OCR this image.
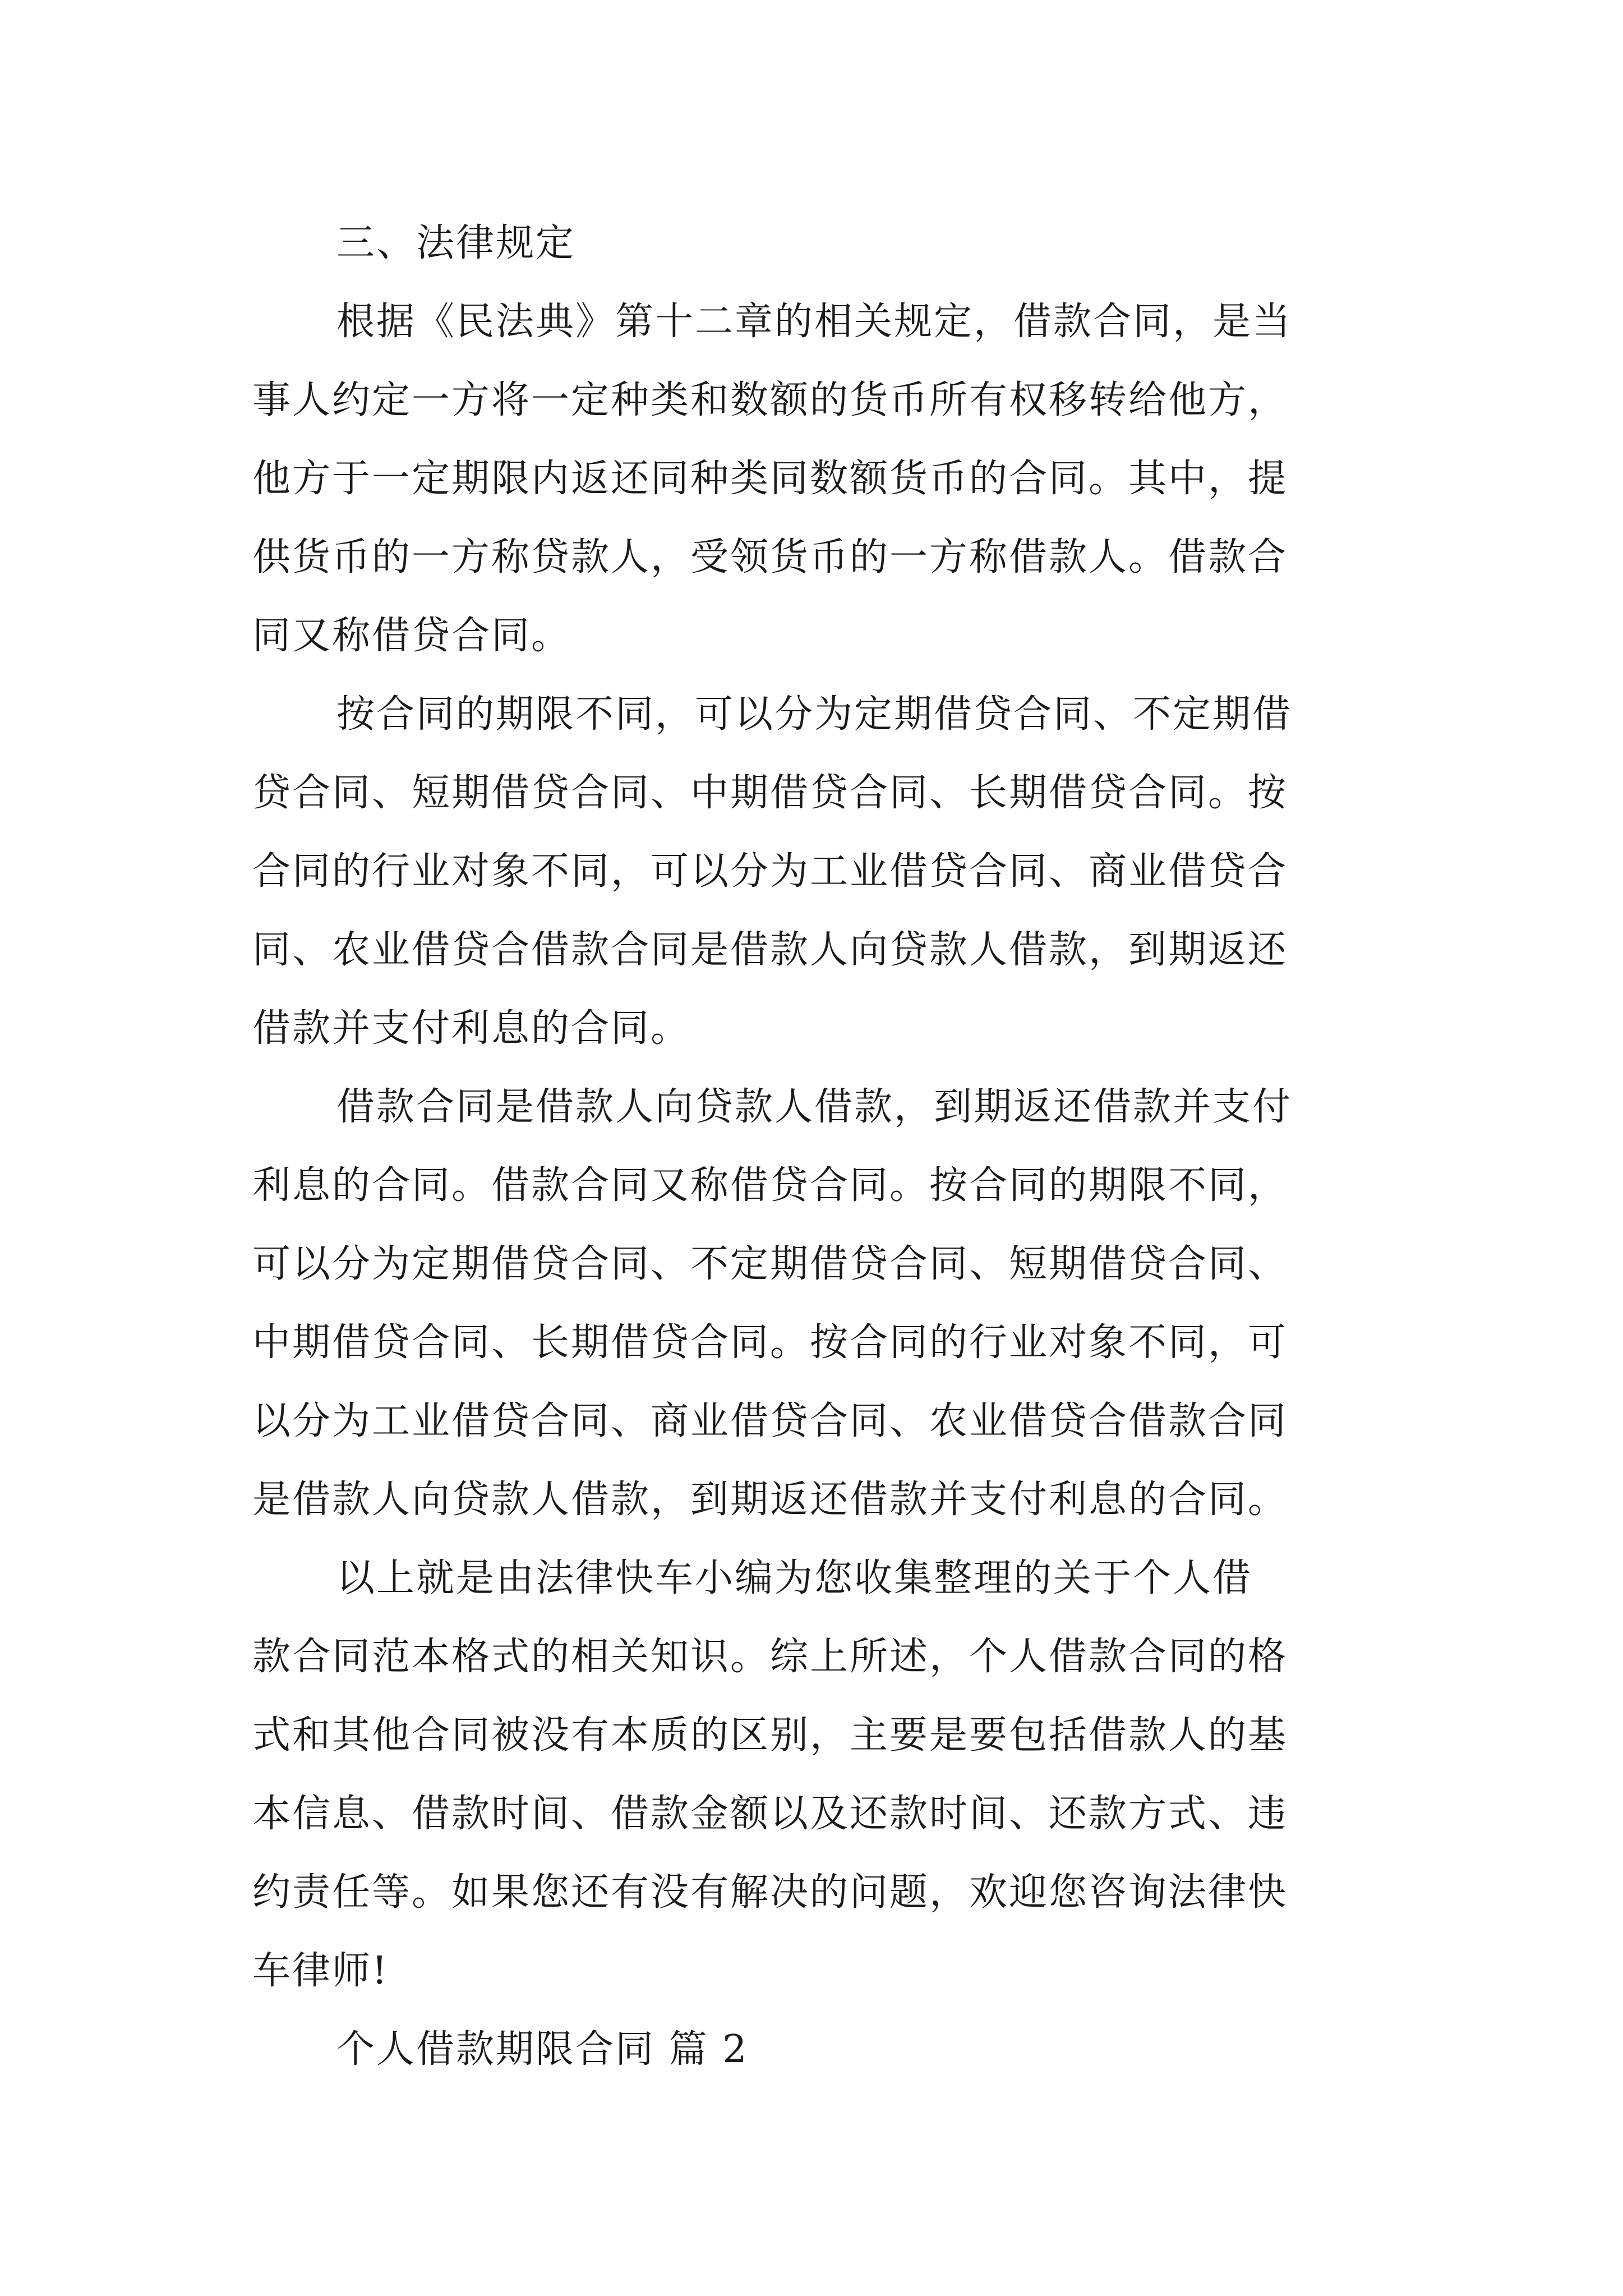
三、法律规定

根据《民法典》第十二章的相关规定，借款合同，是当

事人约定一方将一定种类和数额的货币所有权移转给他方，

他方于一定期限内返还同种类同数额货币的合同。其中，提

供货币的一方称贷款人，受领货币的一方称借款人。借款合

同又称借贷合同。

按合同的期限不同，可以分为定期借贷合同、不定期借

贷合同、短期借贷合同、中期借贷合同、长期借贷合同。按

合同的行业对象不同，可以分为工业借贷合同、商业借贷合

同、农业借贷合借款合同是借款人向贷款人借款，到期返还

借款并支付利息的合同。

借款合同是借款人向贷款人借款，到期返还借款并支付

利息的合同。借款合同又称借贷合同。按合同的期限不同，

可以分为定期借贷合同、不定期借贷合同、短期借贷合同、

中期借贷合同、长期借贷合同。按合同的行业对象不同，可

以分为工业借贷合同、商业借贷合同、农业借贷合借款合同

是借款人向贷款人借款，到期返还借款并支付利息的合同。

以上就是由法律快车小编为您收集整理的关于个人借

款合同范本格式的相关知识。综上所述，个人借款合同的格

式和其他合同被没有本质的区别，主要是要包括借款人的基

本信息、借款时间、借款金额以及还款时间、还款方式、违

约责任等。如果您还有没有解决的问题，欢迎您咨询法律快

车律师!

个人借款期限合同 篇 2
